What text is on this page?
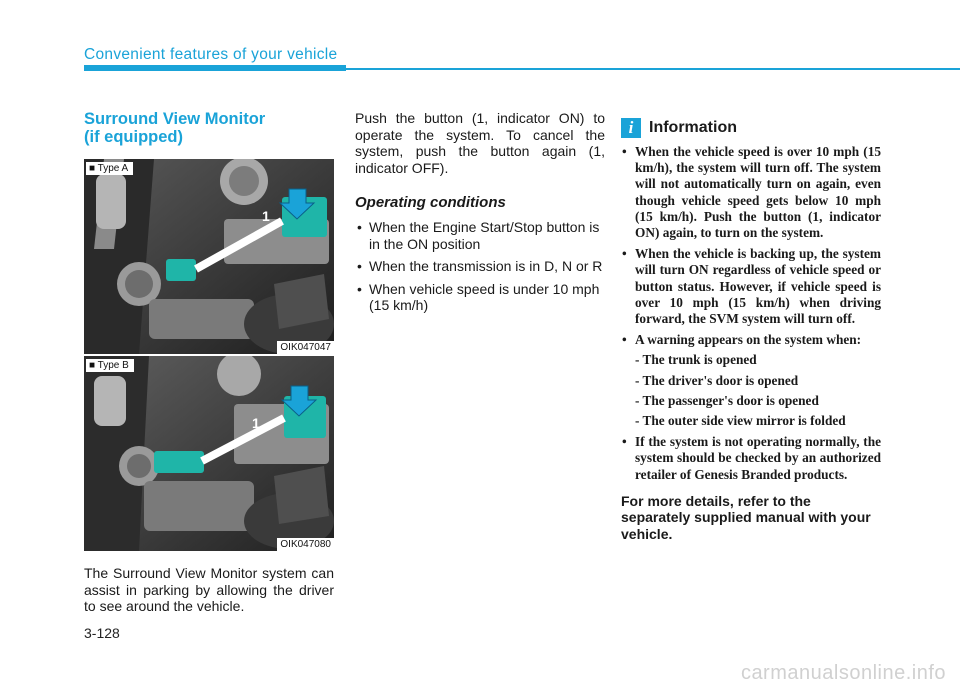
Convenient features of your vehicle
Surround View Monitor
(if equipped)
■ Type A
1
OIK047047
■ Type B
1
OIK047080

The Surround View Monitor system can assist in parking by allowing the driver to see around the vehicle.

Push the button (1, indicator ON) to operate the system. To cancel the system, push the button again (1, indicator OFF).

Operating conditions
• When the Engine Start/Stop button is in the ON position
• When the transmission is in D, N or R
• When vehicle speed is under 10 mph (15 km/h)
i Information
• When the vehicle speed is over 10 mph (15 km/h), the system will turn off. The system will not automatically turn on again, even though vehicle speed gets below 10 mph (15 km/h). Push the button (1, indicator ON) again, to turn on the system.
• When the vehicle is backing up, the system will turn ON regardless of vehicle speed or button status. However, if vehicle speed is over 10 mph (15 km/h) when driving forward, the SVM system will turn off.
• A warning appears on the system when:
- The trunk is opened
- The driver's door is opened
- The passenger's door is opened
- The outer side view mirror is folded
• If the system is not operating normally, the system should be checked by an authorized retailer of Genesis Branded products.
For more details, refer to the separately supplied manual with your vehicle.
3-128
carmanualsonline.info
